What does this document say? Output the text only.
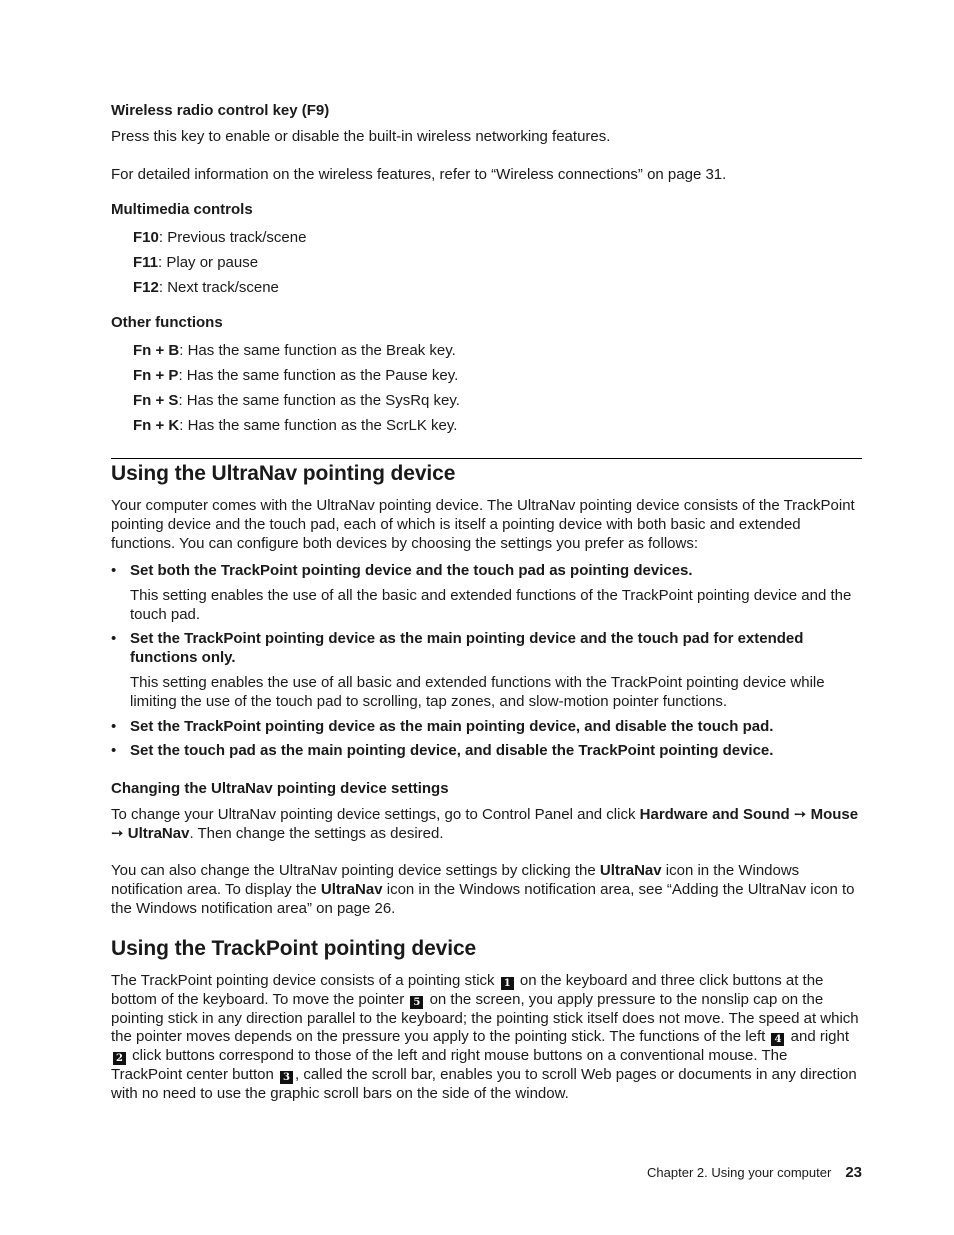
Wireless radio control key (F9)

Press this key to enable or disable the built-in wireless networking features.

For detailed information on the wireless features, refer to “Wireless connections” on page 31.

Multimedia controls

F10: Previous track/scene

F11: Play or pause

F12: Next track/scene

Other functions

Fn + B: Has the same function as the Break key.

Fn + P: Has the same function as the Pause key.

Fn + S: Has the same function as the SysRq key.

Fn + K: Has the same function as the ScrLK key.

Using the UltraNav pointing device

Your computer comes with the UltraNav pointing device. The UltraNav pointing device consists of the TrackPoint pointing device and the touch pad, each of which is itself a pointing device with both basic and extended functions. You can configure both devices by choosing the settings you prefer as follows:

• Set both the TrackPoint pointing device and the touch pad as pointing devices.

This setting enables the use of all the basic and extended functions of the TrackPoint pointing device and the touch pad.

• Set the TrackPoint pointing device as the main pointing device and the touch pad for extended functions only.

This setting enables the use of all basic and extended functions with the TrackPoint pointing device while limiting the use of the touch pad to scrolling, tap zones, and slow-motion pointer functions.

• Set the TrackPoint pointing device as the main pointing device, and disable the touch pad.

• Set the touch pad as the main pointing device, and disable the TrackPoint pointing device.

Changing the UltraNav pointing device settings

To change your UltraNav pointing device settings, go to Control Panel and click Hardware and Sound ➙ Mouse ➙ UltraNav. Then change the settings as desired.

You can also change the UltraNav pointing device settings by clicking the UltraNav icon in the Windows notification area. To display the UltraNav icon in the Windows notification area, see “Adding the UltraNav icon to the Windows notification area” on page 26.

Using the TrackPoint pointing device

The TrackPoint pointing device consists of a pointing stick 1 on the keyboard and three click buttons at the bottom of the keyboard. To move the pointer 5 on the screen, you apply pressure to the nonslip cap on the pointing stick in any direction parallel to the keyboard; the pointing stick itself does not move. The speed at which the pointer moves depends on the pressure you apply to the pointing stick. The functions of the left 4 and right 2 click buttons correspond to those of the left and right mouse buttons on a conventional mouse. The TrackPoint center button 3 , called the scroll bar, enables you to scroll Web pages or documents in any direction with no need to use the graphic scroll bars on the side of the window.

Chapter 2. Using your computer 23
